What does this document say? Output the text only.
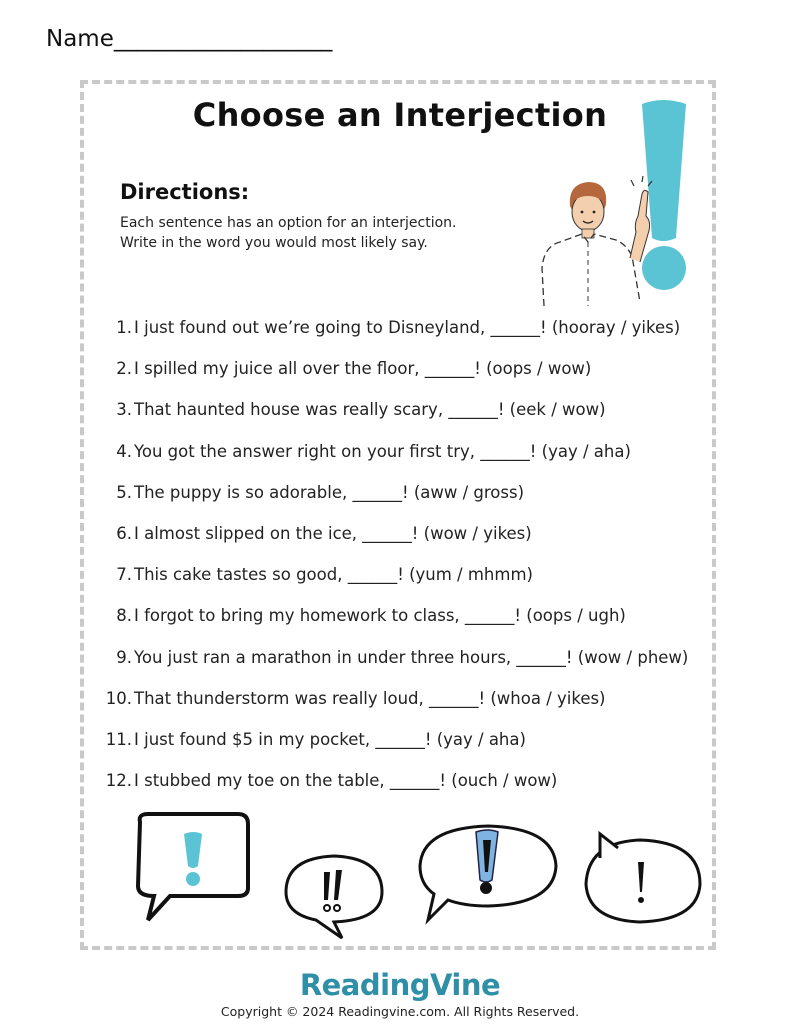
Name___________________
Choose an Interjection
Directions:
Each sentence has an option for an interjection.
Write in the word you would most likely say.
1. I just found out we’re going to Disneyland, ______! (hooray / yikes)
2. I spilled my juice all over the floor, ______! (oops / wow)
3. That haunted house was really scary, ______! (eek / wow)
4. You got the answer right on your first try, ______! (yay / aha)
5. The puppy is so adorable, ______! (aww / gross)
6. I almost slipped on the ice, ______! (wow / yikes)
7. This cake tastes so good, ______! (yum / mhmm)
8. I forgot to bring my homework to class, ______! (oops / ugh)
9. You just ran a marathon in under three hours, ______! (wow / phew)
10. That thunderstorm was really loud, ______! (whoa / yikes)
11. I just found $5 in my pocket, ______! (yay / aha)
12. I stubbed my toe on the table, ______! (ouch / wow)
ReadingVine
Copyright © 2024 Readingvine.com. All Rights Reserved.
